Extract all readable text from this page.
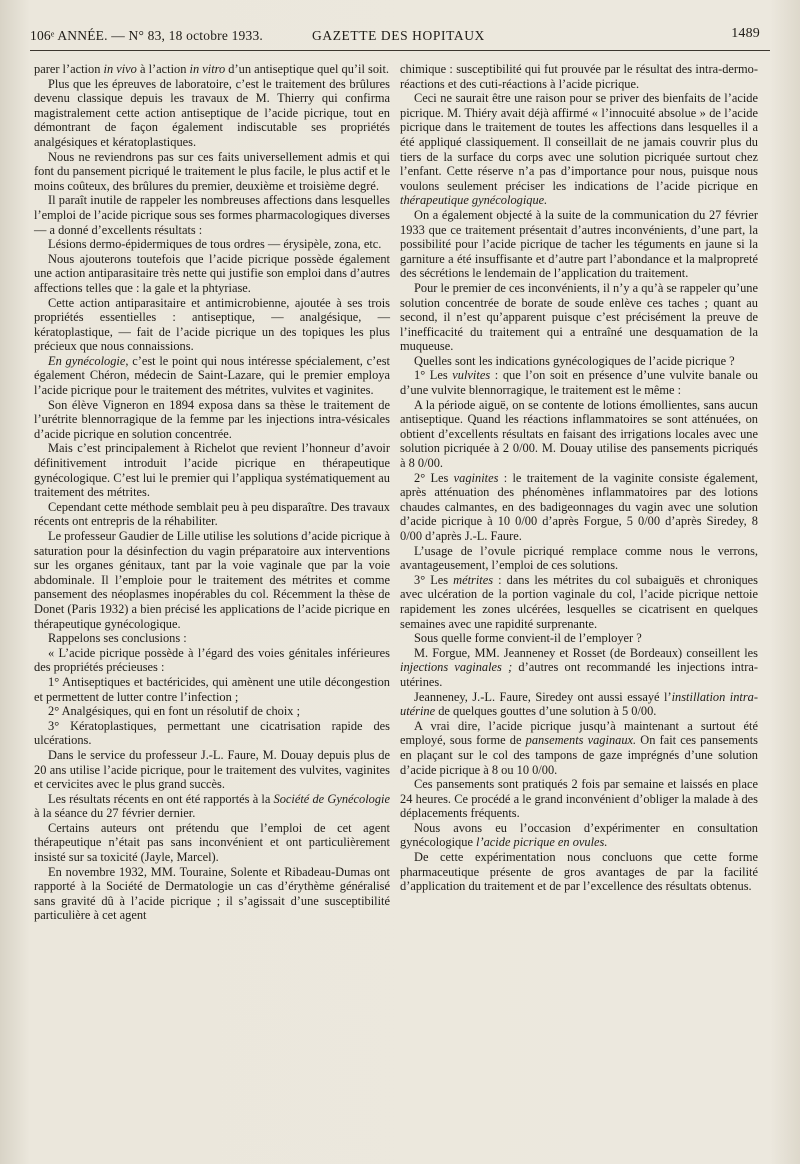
106ᵉ ANNÉE. — N° 83, 18 octobre 1933.	GAZETTE DES HOPITAUX	1489

parer l’action in vivo à l’action in vitro d’un antiseptique quel qu’il soit.

Plus que les épreuves de laboratoire, c’est le traitement des brûlures devenu classique depuis les travaux de M. Thierry qui confirma magistralement cette action antiseptique de l’acide picrique, tout en démontrant de façon également indiscutable ses propriétés analgésiques et kératoplastiques.

Nous ne reviendrons pas sur ces faits universellement admis et qui font du pansement picriqué le traitement le plus facile, le plus actif et le moins coûteux, des brûlures du premier, deuxième et troisième degré.

Il paraît inutile de rappeler les nombreuses affections dans lesquelles l’emploi de l’acide picrique sous ses formes pharmacologiques diverses — a donné d’excellents résultats :

Lésions dermo-épidermiques de tous ordres — érysipèle, zona, etc.

Nous ajouterons toutefois que l’acide picrique possède également une action antiparasitaire très nette qui justifie son emploi dans d’autres affections telles que : la gale et la phtyriase.

Cette action antiparasitaire et antimicrobienne, ajoutée à ses trois propriétés essentielles : antiseptique, — analgésique, — kératoplastique, — fait de l’acide picrique un des topiques les plus précieux que nous connaissions.

En gynécologie, c’est le point qui nous intéresse spécialement, c’est également Chéron, médecin de Saint-Lazare, qui le premier employa l’acide picrique pour le traitement des métrites, vulvites et vaginites.

Son élève Vigneron en 1894 exposa dans sa thèse le traitement de l’urétrite blennorragique de la femme par les injections intra-vésicales d’acide picrique en solution concentrée.

Mais c’est principalement à Richelot que revient l’honneur d’avoir définitivement introduit l’acide picrique en thérapeutique gynécologique. C’est lui le premier qui l’appliqua systématiquement au traitement des métrites.

Cependant cette méthode semblait peu à peu disparaître. Des travaux récents ont entrepris de la réhabiliter.

Le professeur Gaudier de Lille utilise les solutions d’acide picrique à saturation pour la désinfection du vagin préparatoire aux interventions sur les organes génitaux, tant par la voie vaginale que par la voie abdominale. Il l’emploie pour le traitement des métrites et comme pansement des néoplasmes inopérables du col. Récemment la thèse de Donet (Paris 1932) a bien précisé les applications de l’acide picrique en thérapeutique gynécologique.

Rappelons ses conclusions :

« L’acide picrique possède à l’égard des voies génitales inférieures des propriétés précieuses :

1° Antiseptiques et bactéricides, qui amènent une utile décongestion et permettent de lutter contre l’infection ;

2° Analgésiques, qui en font un résolutif de choix ;

3° Kératoplastiques, permettant une cicatrisation rapide des ulcérations.

Dans le service du professeur J.-L. Faure, M. Douay depuis plus de 20 ans utilise l’acide picrique, pour le traitement des vulvites, vaginites et cervicites avec le plus grand succès.

Les résultats récents en ont été rapportés à la Société de Gynécologie à la séance du 27 février dernier.

Certains auteurs ont prétendu que l’emploi de cet agent thérapeutique n’était pas sans inconvénient et ont particulièrement insisté sur sa toxicité (Jayle, Marcel).

En novembre 1932, MM. Touraine, Solente et Ribadeau-Dumas ont rapporté à la Société de Dermatologie un cas d’érythème généralisé sans gravité dû à l’acide picrique ; il s’agissait d’une susceptibilité particulière à cet agent

chimique : susceptibilité qui fut prouvée par le résultat des intra-dermo-réactions et des cuti-réactions à l’acide picrique.

Ceci ne saurait être une raison pour se priver des bienfaits de l’acide picrique. M. Thiéry avait déjà affirmé « l’innocuité absolue » de l’acide picrique dans le traitement de toutes les affections dans lesquelles il a été appliqué classiquement. Il conseillait de ne jamais couvrir plus du tiers de la surface du corps avec une solution picriquée surtout chez l’enfant. Cette réserve n’a pas d’importance pour nous, puisque nous voulons seulement préciser les indications de l’acide picrique en thérapeutique gynécologique.

On a également objecté à la suite de la communication du 27 février 1933 que ce traitement présentait d’autres inconvénients, d’une part, la possibilité pour l’acide picrique de tacher les téguments en jaune si la garniture a été insuffisante et d’autre part l’abondance et la malpropreté des sécrétions le lendemain de l’application du traitement.

Pour le premier de ces inconvénients, il n’y a qu’à se rappeler qu’une solution concentrée de borate de soude enlève ces taches ; quant au second, il n’est qu’apparent puisque c’est précisément la preuve de l’inefficacité du traitement qui a entraîné une desquamation de la muqueuse.

Quelles sont les indications gynécologiques de l’acide picrique ?

1° Les vulvites : que l’on soit en présence d’une vulvite banale ou d’une vulvite blennorragique, le traitement est le même :

A la période aiguë, on se contente de lotions émollientes, sans aucun antiseptique. Quand les réactions inflammatoires se sont atténuées, on obtient d’excellents résultats en faisant des irrigations locales avec une solution picriquée à 2 0/00. M. Douay utilise des pansements picriqués à 8 0/00.

2° Les vaginites : le traitement de la vaginite consiste également, après atténuation des phénomènes inflammatoires par des lotions chaudes calmantes, en des badigeonnages du vagin avec une solution d’acide picrique à 10 0/00 d’après Forgue, 5 0/00 d’après Siredey, 8 0/00 d’après J.-L. Faure.

L’usage de l’ovule picriqué remplace comme nous le verrons, avantageusement, l’emploi de ces solutions.

3° Les métrites : dans les métrites du col subaiguës et chroniques avec ulcération de la portion vaginale du col, l’acide picrique nettoie rapidement les zones ulcérées, lesquelles se cicatrisent en quelques semaines avec une rapidité surprenante.

Sous quelle forme convient-il de l’employer ?

M. Forgue, MM. Jeanneney et Rosset (de Bordeaux) conseillent les injections vaginales ; d’autres ont recommandé les injections intra-utérines.

Jeanneney, J.-L. Faure, Siredey ont aussi essayé l’instillation intra-utérine de quelques gouttes d’une solution à 5 0/00.

A vrai dire, l’acide picrique jusqu’à maintenant a surtout été employé, sous forme de pansements vaginaux. On fait ces pansements en plaçant sur le col des tampons de gaze imprégnés d’une solution d’acide picrique à 8 ou 10 0/00.

Ces pansements sont pratiqués 2 fois par semaine et laissés en place 24 heures. Ce procédé a le grand inconvénient d’obliger la malade à des déplacements fréquents.

Nous avons eu l’occasion d’expérimenter en consultation gynécologique l’acide picrique en ovules.

De cette expérimentation nous concluons que cette forme pharmaceutique présente de gros avantages de par la facilité d’application du traitement et de par l’excellence des résultats obtenus.
